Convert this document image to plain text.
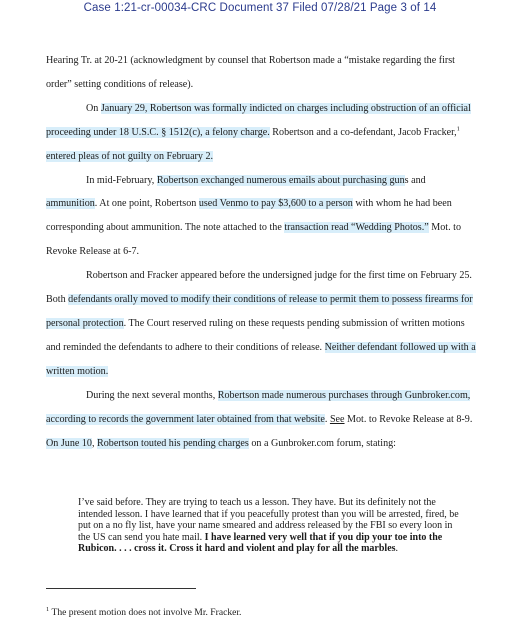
Case 1:21-cr-00034-CRC Document 37 Filed 07/28/21 Page 3 of 14

Hearing Tr. at 20-21 (acknowledgment by counsel that Robertson made a “mistake regarding the first order” setting conditions of release).

On January 29, Robertson was formally indicted on charges including obstruction of an official proceeding under 18 U.S.C. § 1512(c), a felony charge. Robertson and a co-defendant, Jacob Fracker,$^1$ entered pleas of not guilty on February 2.

In mid-February, Robertson exchanged numerous emails about purchasing guns and ammunition. At one point, Robertson used Venmo to pay $3,600 to a person with whom he had been corresponding about ammunition. The note attached to the transaction read “Wedding Photos.” Mot. to Revoke Release at 6-7.

Robertson and Fracker appeared before the undersigned judge for the first time on February 25. Both defendants orally moved to modify their conditions of release to permit them to possess firearms for personal protection. The Court reserved ruling on these requests pending submission of written motions and reminded the defendants to adhere to their conditions of release. Neither defendant followed up with a written motion.

During the next several months, Robertson made numerous purchases through Gunbroker.com, according to records the government later obtained from that website. See Mot. to Revoke Release at 8-9. On June 10, Robertson touted his pending charges on a Gunbroker.com forum, stating:

I’ve said before. They are trying to teach us a lesson. They have. But its definitely not the intended lesson. I have learned that if you peacefully protest than you will be arrested, fired, be put on a no fly list, have your name smeared and address released by the FBI so every loon in the US can send you hate mail. I have learned very well that if you dip your toe into the Rubicon. . . . cross it. Cross it hard and violent and play for all the marbles.
$^1$ The present motion does not involve Mr. Fracker.
